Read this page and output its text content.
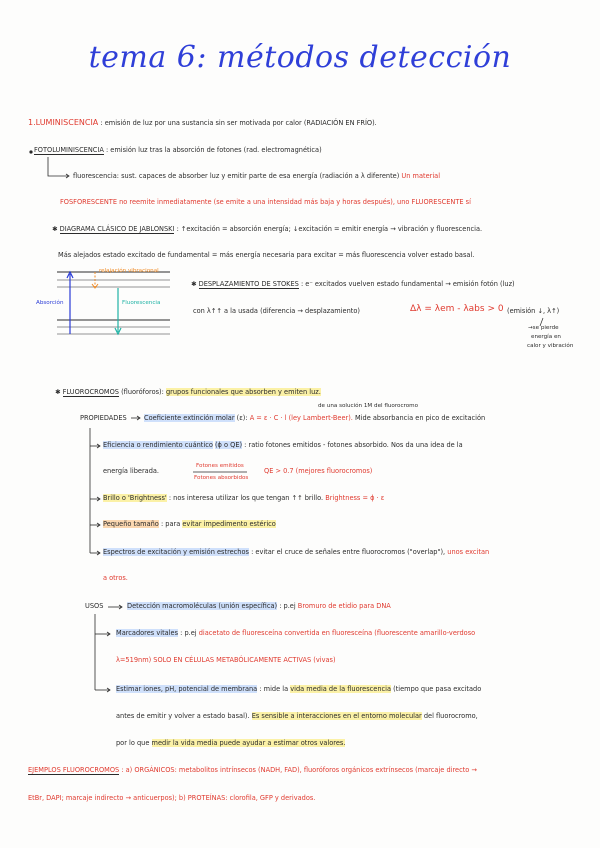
tema 6: métodos detección
1.LUMINISCENCIA : emisión de luz por una sustancia sin ser motivada por calor (RADIACIÓN EN FRÍO).
FOTOLUMINISCENCIA : emisión luz tras la absorción de fotones (rad. electromagnética)
fluorescencia: sust. capaces de absorber luz y emitir parte de esa energía (radiación a λ diferente) Un material
FOSFORESCENTE no reemite inmediatamente (se emite a una intensidad más baja y horas después), uno FLUORESCENTE sí
✱ DIAGRAMA CLÁSICO DE JABLONSKI : ↑excitación = absorción energía; ↓excitación = emitir energía → vibración y fluorescencia.
Más alejados estado excitado de fundamental = más energía necesaria para excitar = más fluorescencia volver estado basal.
relajación vibracional
Absorción	Fluorescencia
✱ DESPLAZAMIENTO DE STOKES : e⁻ excitados vuelven estado fundamental → emisión fotón (luz)
con λ↑↑ a la usada (diferencia → desplazamiento)	Δλ = λem - λabs > 0 (emisión ↓, λ↑)
→se pierde
energía en
calor y vibración
✱ FLUOROCROMOS (fluoróforos): grupos funcionales que absorben y emiten luz.
de una solución 1M del fluorocromo
PROPIEDADES	Coeficiente extinción molar (ε): A = ε · C · l (ley Lambert-Beer). Mide absorbancia en pico de excitación
Eficiencia o rendimiento cuántico (ϕ o QE) : ratio fotones emitidos - fotones absorbido. Nos da una idea de la
energía liberada.
Fotones emitidos
Fotones absorbidos
QE > 0.7 (mejores fluorocromos)
Brillo o 'Brightness' : nos interesa utilizar los que tengan ↑↑ brillo. Brightness = ϕ · ε
Pequeño tamaño : para evitar impedimento estérico
Espectros de excitación y emisión estrechos : evitar el cruce de señales entre fluorocromos ("overlap"), unos excitan
a otros.
USOS	Detección macromoléculas (unión específica) : p.ej Bromuro de etidio para DNA
Marcadores vitales : p.ej diacetato de fluoresceína convertida en fluoresceína (fluorescente amarillo-verdoso
λ=519nm) SOLO EN CÉLULAS METABÓLICAMENTE ACTIVAS (vivas)
Estimar iones, pH, potencial de membrana : mide la vida media de la fluorescencia (tiempo que pasa excitado
antes de emitir y volver a estado basal). Es sensible a interacciones en el entorno molecular del fluorocromo,
por lo que medir la vida media puede ayudar a estimar otros valores.
EJEMPLOS FLUOROCROMOS : a) ORGÁNICOS: metabolitos intrínsecos (NADH, FAD), fluoróforos orgánicos extrínsecos (marcaje directo →
EtBr, DAPI; marcaje indirecto → anticuerpos); b) PROTEÍNAS: clorofila, GFP y derivados.
